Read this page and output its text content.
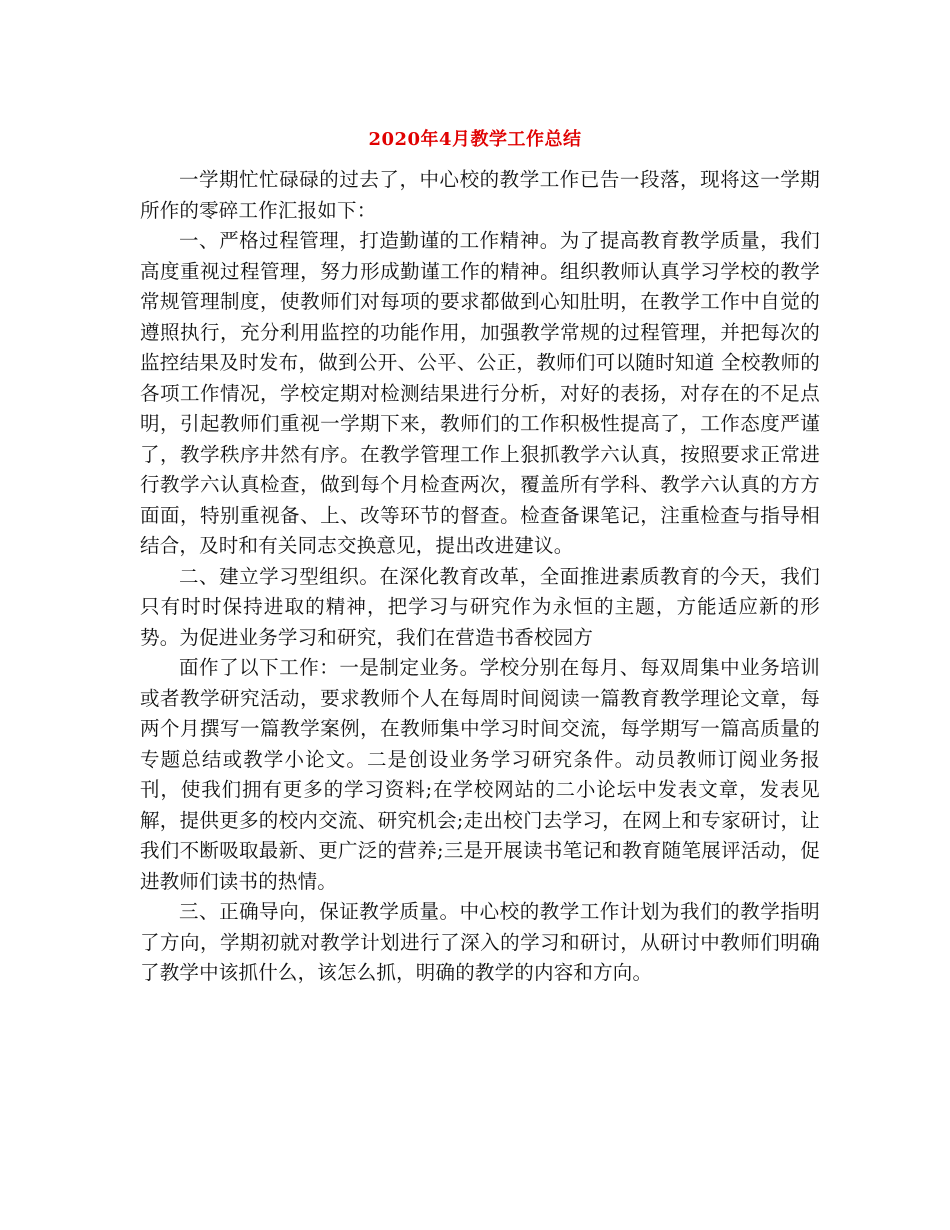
2020年4月教学工作总结

一学期忙忙碌碌的过去了，中心校的教学工作已告一段落，现将这一学期所作的零碎工作汇报如下：

一、严格过程管理，打造勤谨的工作精神。为了提高教育教学质量，我们高度重视过程管理，努力形成勤谨工作的精神。组织教师认真学习学校的教学常规管理制度，使教师们对每项的要求都做到心知肚明，在教学工作中自觉的遵照执行，充分利用监控的功能作用，加强教学常规的过程管理，并把每次的监控结果及时发布，做到公开、公平、公正，教师们可以随时知道 全校教师的各项工作情况，学校定期对检测结果进行分析，对好的表扬，对存在的不足点明，引起教师们重视一学期下来，教师们的工作积极性提高了，工作态度严谨了，教学秩序井然有序。在教学管理工作上狠抓教学六认真，按照要求正常进行教学六认真检查，做到每个月检查两次，覆盖所有学科、教学六认真的方方面面，特别重视备、上、改等环节的督查。检查备课笔记，注重检查与指导相结合，及时和有关同志交换意见，提出改进建议。

二、建立学习型组织。在深化教育改革，全面推进素质教育的今天，我们只有时时保持进取的精神，把学习与研究作为永恒的主题，方能适应新的形势。为促进业务学习和研究，我们在营造书香校园方

面作了以下工作：一是制定业务。学校分别在每月、每双周集中业务培训或者教学研究活动，要求教师个人在每周时间阅读一篇教育教学理论文章，每两个月撰写一篇教学案例，在教师集中学习时间交流，每学期写一篇高质量的专题总结或教学小论文。二是创设业务学习研究条件。动员教师订阅业务报刊，使我们拥有更多的学习资料;在学校网站的二小论坛中发表文章，发表见解，提供更多的校内交流、研究机会;走出校门去学习，在网上和专家研讨，让我们不断吸取最新、更广泛的营养;三是开展读书笔记和教育随笔展评活动，促进教师们读书的热情。

三、正确导向，保证教学质量。中心校的教学工作计划为我们的教学指明了方向，学期初就对教学计划进行了深入的学习和研讨，从研讨中教师们明确了教学中该抓什么，该怎么抓，明确的教学的内容和方向。
